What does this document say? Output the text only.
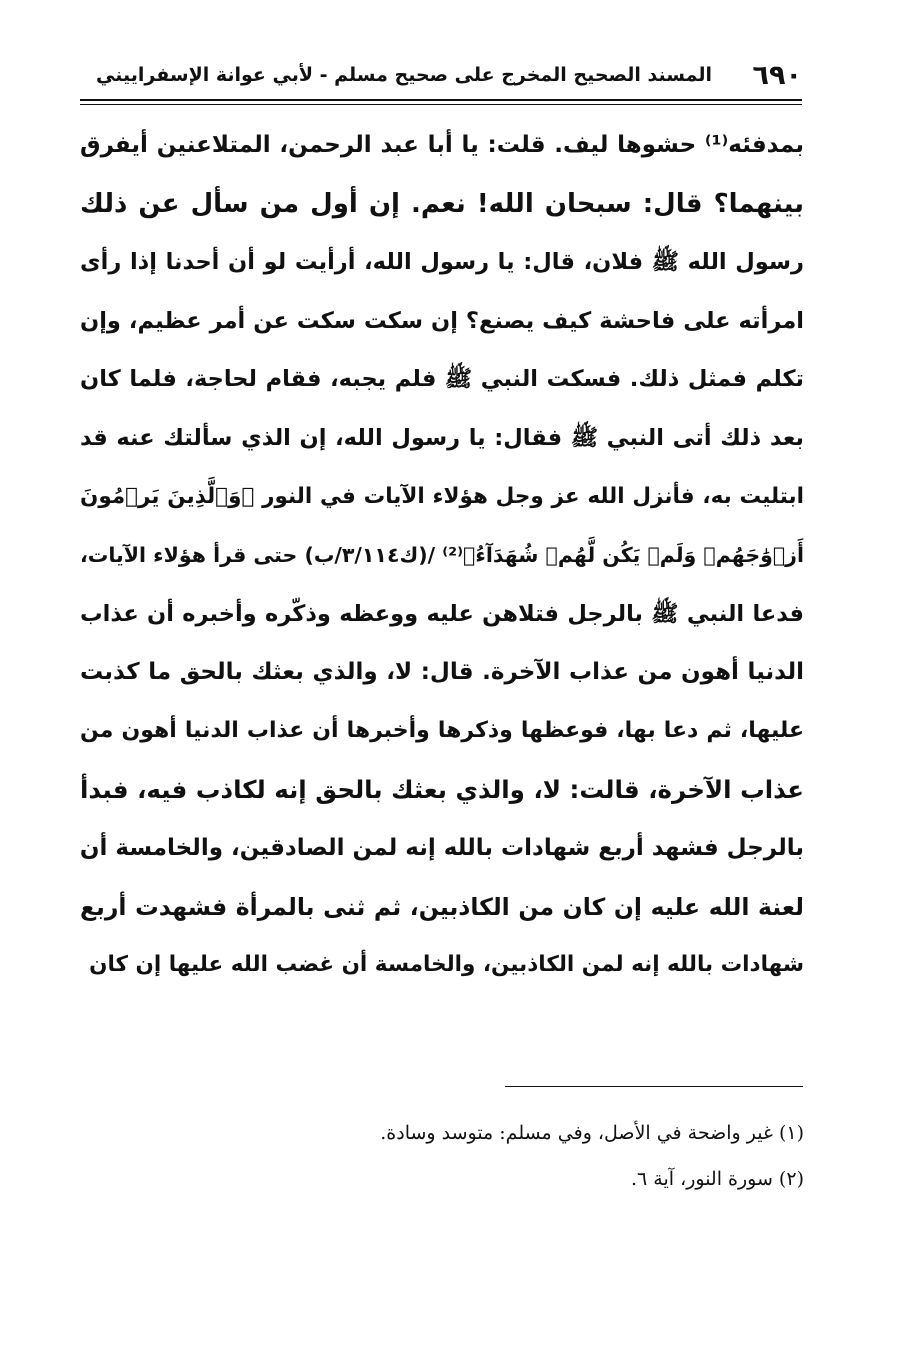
٦٩٠
المسند الصحيح المخرج على صحيح مسلم - لأبي عوانة الإسفراييني
بمدفئه⁽¹⁾ حشوها ليف. قلت: يا أبا عبد الرحمن، المتلاعنين أيفرق
بينهما؟ قال: سبحان الله! نعم. إن أول من سأل عن ذلك
رسول الله ﷺ فلان، قال: يا رسول الله، أرأيت لو أن أحدنا إذا رأى
امرأته على فاحشة كيف يصنع؟ إن سكت سكت عن أمر عظيم، وإن
تكلم فمثل ذلك. فسكت النبي ﷺ فلم يجبه، فقام لحاجة، فلما كان
بعد ذلك أتى النبي ﷺ فقال: يا رسول الله، إن الذي سألتك عنه قد
ابتليت به، فأنزل الله عز وجل هؤلاء الآيات في النور ﴿وَٱلَّذِينَ يَرۡمُونَ
أَزۡوَٰجَهُمۡ وَلَمۡ يَكُن لَّهُمۡ شُهَدَآءُ﴾⁽²⁾ /(ك٣/١١٤/ب) حتى قرأ هؤلاء الآيات،
فدعا النبي ﷺ بالرجل فتلاهن عليه ووعظه وذكّره وأخبره أن عذاب
الدنيا أهون من عذاب الآخرة. قال: لا، والذي بعثك بالحق ما كذبت
عليها، ثم دعا بها، فوعظها وذكرها وأخبرها أن عذاب الدنيا أهون من
عذاب الآخرة، قالت: لا، والذي بعثك بالحق إنه لكاذب فيه، فبدأ
بالرجل فشهد أربع شهادات بالله إنه لمن الصادقين، والخامسة أن
لعنة الله عليه إن كان من الكاذبين، ثم ثنى بالمرأة فشهدت أربع
شهادات بالله إنه لمن الكاذبين، والخامسة أن غضب الله عليها إن كان
(١) غير واضحة في الأصل، وفي مسلم: متوسد وسادة.
(٢) سورة النور، آية ٦.
